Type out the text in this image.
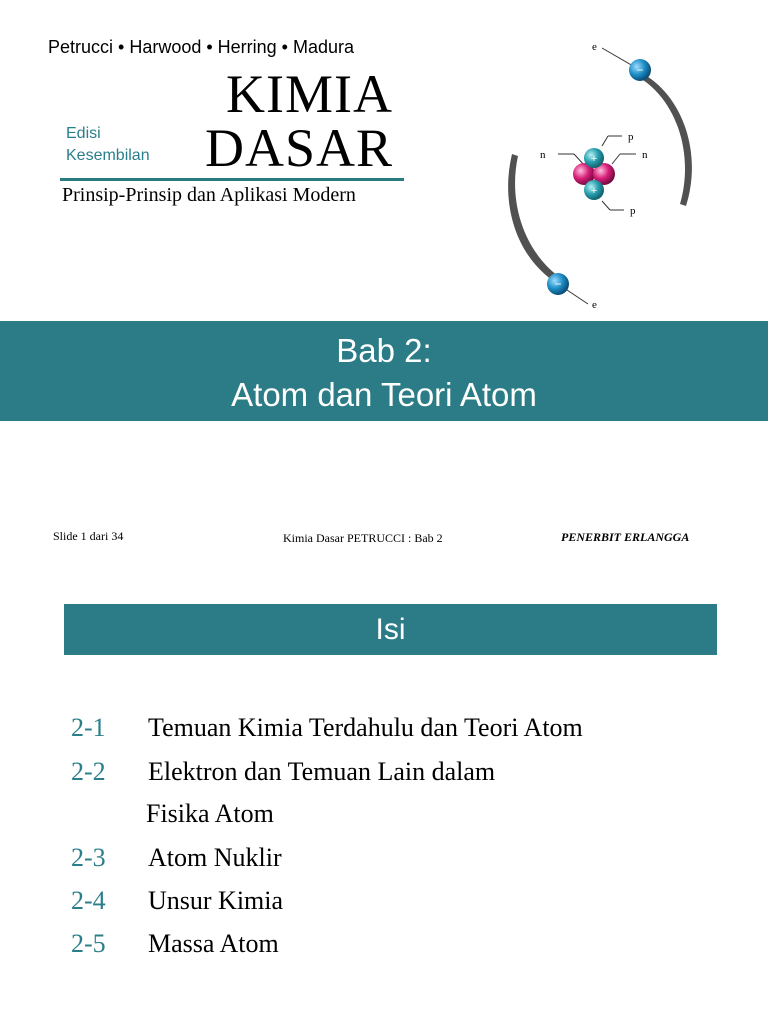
Petrucci • Harwood • Herring • Madura
KIMIA
DASAR
Edisi
Kesembilan
Prinsip-Prinsip dan Aplikasi Modern
e
−
e
−
n	n
p
p
+
+
Bab 2:
Atom dan Teori Atom
Slide 1 dari 34	Kimia Dasar PETRUCCI : Bab 2	PENERBIT ERLANGGA
Isi
2-1 Temuan Kimia Terdahulu dan Teori Atom
2-2 Elektron dan Temuan Lain dalam
Fisika Atom
2-3 Atom Nuklir
2-4 Unsur Kimia
2-5 Massa Atom
